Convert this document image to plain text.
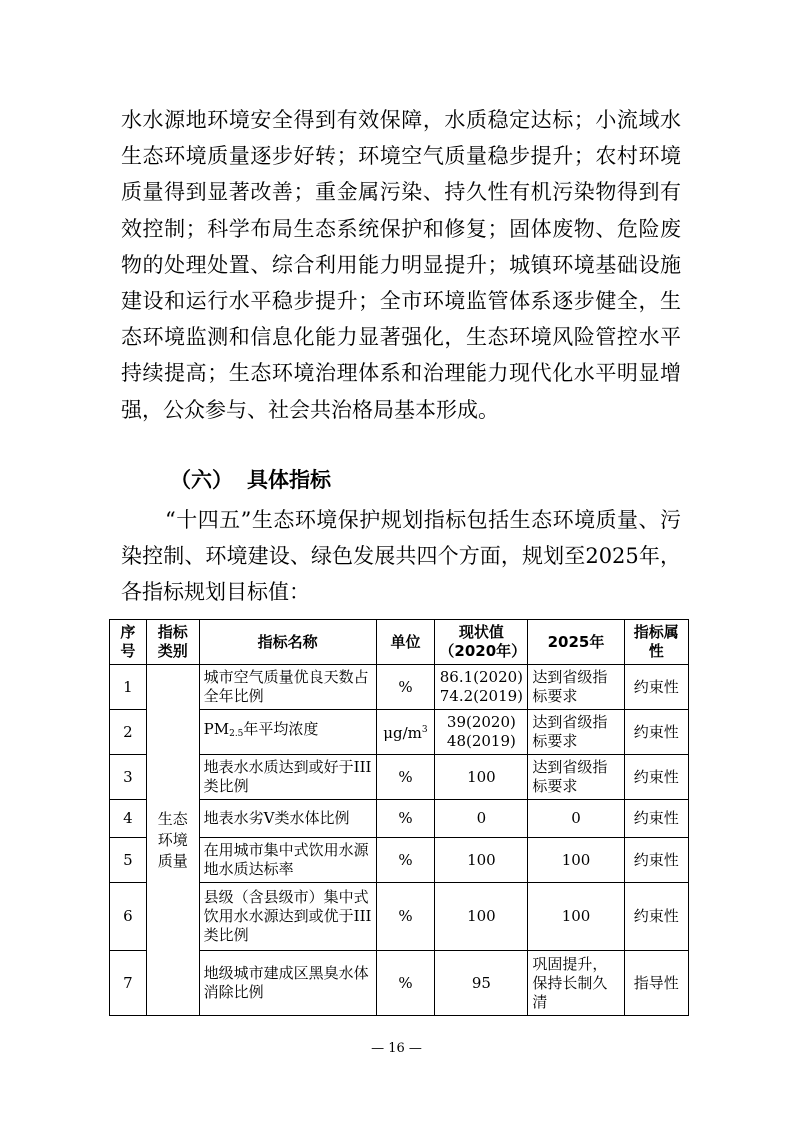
水水源地环境安全得到有效保障，水质稳定达标；小流域水生态环境质量逐步好转；环境空气质量稳步提升；农村环境质量得到显著改善；重金属污染、持久性有机污染物得到有效控制；科学布局生态系统保护和修复；固体废物、危险废物的处理处置、综合利用能力明显提升；城镇环境基础设施建设和运行水平稳步提升；全市环境监管体系逐步健全，生态环境监测和信息化能力显著强化，生态环境风险管控水平持续提高；生态环境治理体系和治理能力现代化水平明显增强，公众参与、社会共治格局基本形成。

（六） 具体指标

“十四五”生态环境保护规划指标包括生态环境质量、污染控制、环境建设、绿色发展共四个方面，规划至2025年，各指标规划目标值：

序号	指标类别	指标名称	单位	现状值（2020年）	2025年	指标属性
1	生态环境质量	城市空气质量优良天数占全年比例	%	86.1(2020)
74.2(2019)	达到省级指标要求	约束性
2		$PM_{2.5}$年平均浓度	$\mu g/m^3$	39(2020)
48(2019)	达到省级指标要求	约束性
3		地表水水质达到或好于III类比例	%	100	达到省级指标要求	约束性
4		地表水劣V类水体比例	%	0	0	约束性
5		在用城市集中式饮用水源地水质达标率	%	100	100	约束性
6		县级（含县级市）集中式饮用水水源达到或优于III类比例	%	100	100	约束性
7		地级城市建成区黑臭水体消除比例	%	95	巩固提升，保持长制久清	指导性
— 16 —
